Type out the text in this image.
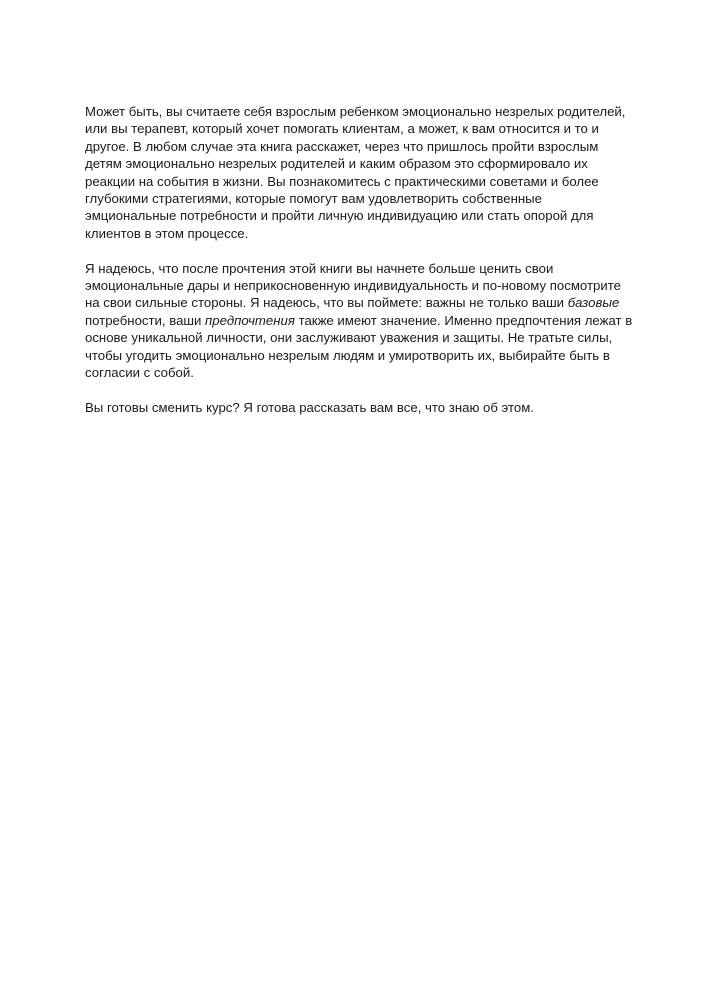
Может быть, вы считаете себя взрослым ребенком эмоционально незрелых родителей, или вы терапевт, который хочет помогать клиентам, а может, к вам относится и то и другое. В любом случае эта книга расскажет, через что пришлось пройти взрослым детям эмоционально незрелых родителей и каким образом это сформировало их реакции на события в жизни. Вы познакомитесь с практическими советами и более глубокими стратегиями, которые помогут вам удовлетворить собственные эмциональные потребности и пройти личную индивидуацию или стать опорой для клиентов в этом процессе.

Я надеюсь, что после прочтения этой книги вы начнете больше ценить свои эмоциональные дары и неприкосновенную индивидуальность и по-новому посмотрите на свои сильные стороны. Я надеюсь, что вы поймете: важны не только ваши базовые потребности, ваши предпочтения также имеют значение. Именно предпочтения лежат в основе уникальной личности, они заслуживают уважения и защиты. Не тратьте силы, чтобы угодить эмоционально незрелым людям и умиротворить их, выбирайте быть в согласии с собой.

Вы готовы сменить курс? Я готова рассказать вам все, что знаю об этом.
